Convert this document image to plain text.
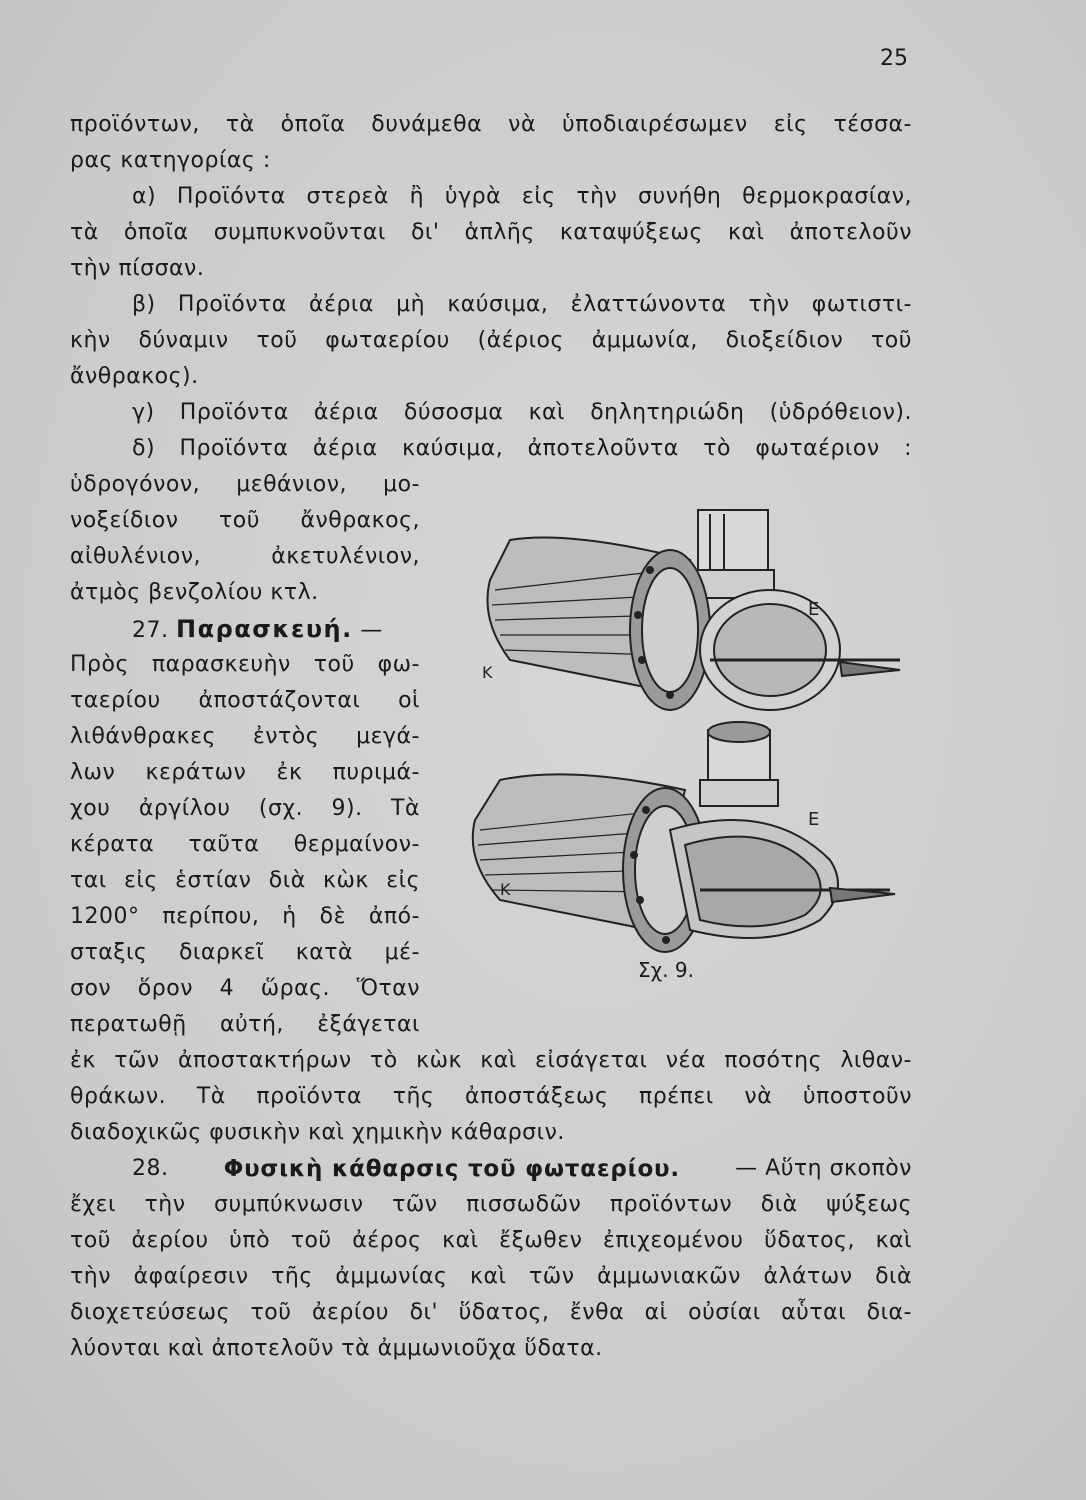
25
προϊόντων, τὰ ὁποῖα δυνάμεθα νὰ ὑποδιαιρέσωμεν εἰς τέσσα-
ρας κατηγορίας :
α) Προϊόντα στερεὰ ἢ ὑγρὰ εἰς τὴν συνήθη θερμοκρασίαν,
τὰ ὁποῖα συμπυκνοῦνται δι' ἁπλῆς καταψύξεως καὶ ἀποτελοῦν
τὴν πίσσαν.
β) Προϊόντα ἀέρια μὴ καύσιμα, ἐλαττώνοντα τὴν φωτιστι-
κὴν δύναμιν τοῦ φωταερίου (ἀέριος ἀμμωνία, διοξείδιον τοῦ
ἄνθρακος).
γ) Προϊόντα ἀέρια δύσοσμα καὶ δηλητηριώδη (ὑδρόθειον).
δ) Προϊόντα ἀέρια καύσιμα, ἀποτελοῦντα τὸ φωταέριον :
ὑδρογόνον, μεθάνιον, μο-
νοξείδιον τοῦ ἄνθρακος,
αἰθυλένιον, ἀκετυλένιον,
ἀτμὸς βενζολίου κτλ.
27. Παρασκευή. —
Πρὸς παρασκευὴν τοῦ φω-
ταερίου ἀποστάζονται οἱ
λιθάνθρακες ἐντὸς μεγά-
λων κεράτων ἐκ πυριμά-
χου ἀργίλου (σχ. 9). Τὰ
κέρατα ταῦτα θερμαίνον-
ται εἰς ἑστίαν διὰ κὼκ εἰς
1200° περίπου, ἡ δὲ ἀπό-
σταξις διαρκεῖ κατὰ μέ-
σον ὅρον 4 ὥρας. Ὅταν
περατωθῇ αὐτή, ἐξάγεται
ἐκ τῶν ἀποστακτήρων τὸ κὼκ καὶ εἰσάγεται νέα ποσότης λιθαν-
θράκων. Τὰ προϊόντα τῆς ἀποστάξεως πρέπει νὰ ὑποστοῦν
διαδοχικῶς φυσικὴν καὶ χημικὴν κάθαρσιν.
28. Φυσικὴ κάθαρσις τοῦ φωταερίου.	— Αὕτη σκοπὸν
ἔχει τὴν συμπύκνωσιν τῶν πισσωδῶν προϊόντων διὰ ψύξεως
τοῦ ἀερίου ὑπὸ τοῦ ἀέρος καὶ ἔξωθεν ἐπιχεομένου ὕδατος, καὶ
τὴν ἀφαίρεσιν τῆς ἀμμωνίας καὶ τῶν ἀμμωνιακῶν ἀλάτων διὰ
διοχετεύσεως τοῦ ἀερίου δι' ὕδατος, ἔνθα αἱ οὐσίαι αὗται δια-
λύονται καὶ ἀποτελοῦν τὰ ἀμμωνιοῦχα ὕδατα.
Ε
Κ
Ε
Κ
Σχ. 9.
